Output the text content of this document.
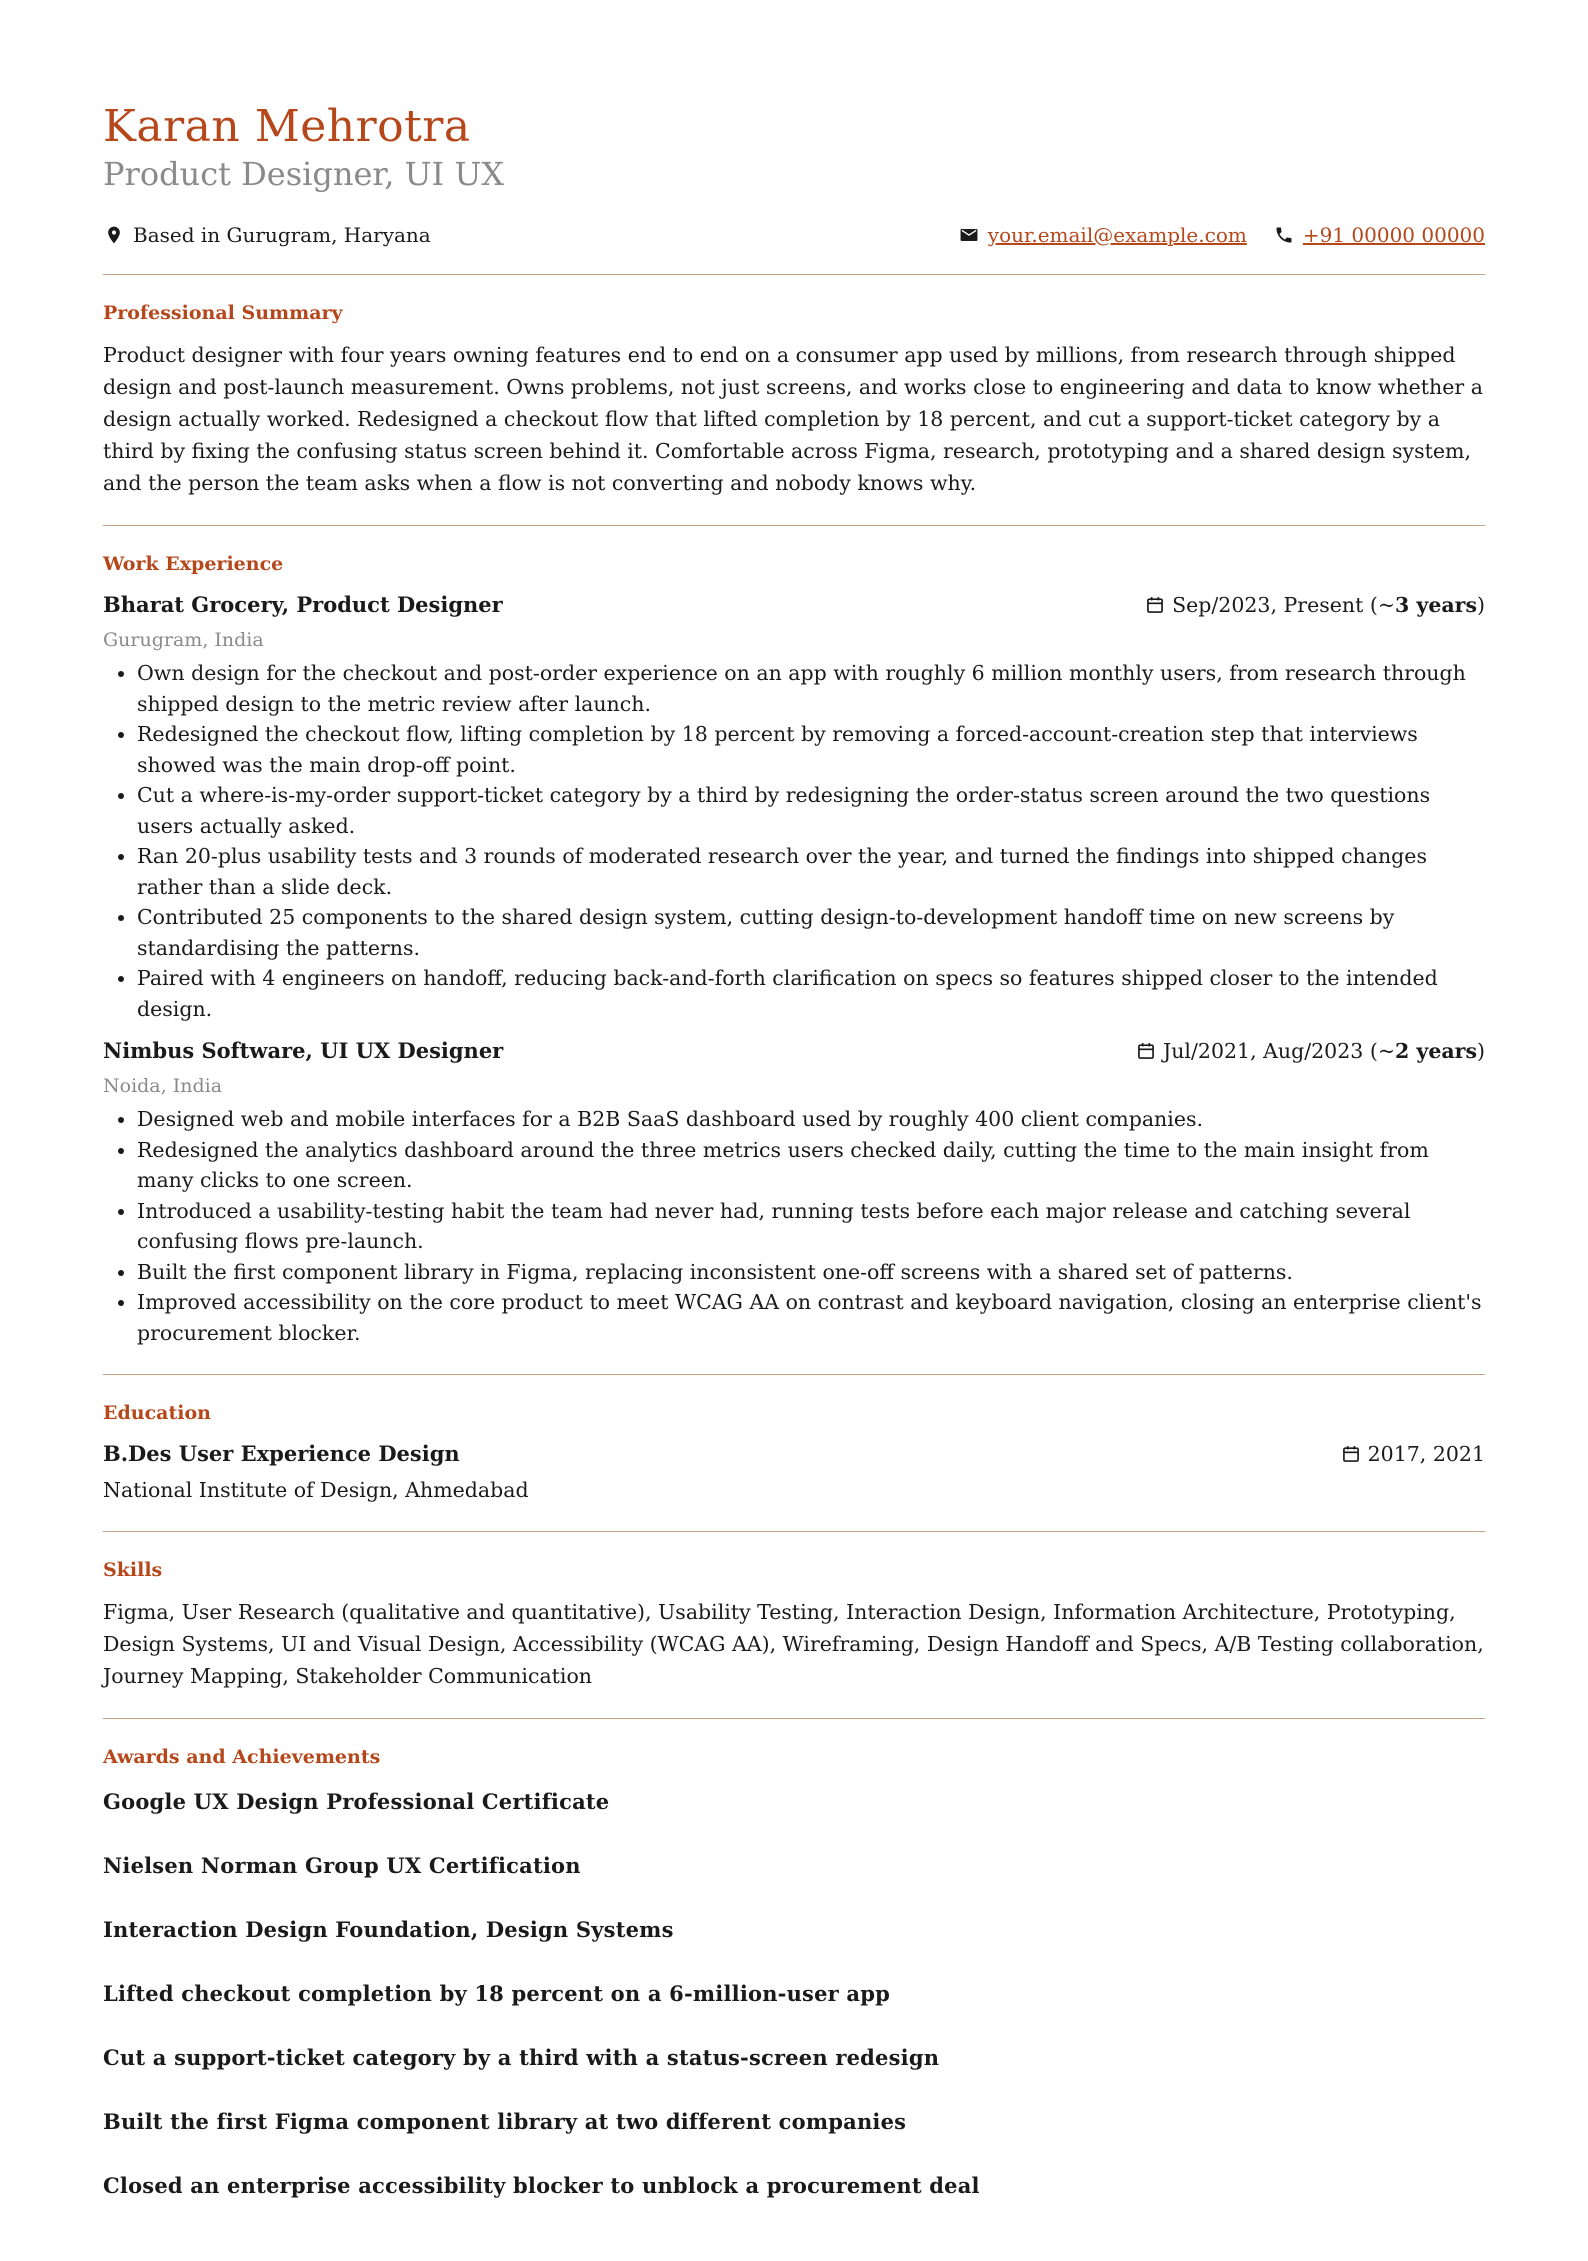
Karan Mehrotra
Product Designer, UI UX
Based in Gurugram, Haryana	your.email@example.com	+91 00000 00000
Professional Summary

Product designer with four years owning features end to end on a consumer app used by millions, from research through shipped design and post-launch measurement. Owns problems, not just screens, and works close to engineering and data to know whether a design actually worked. Redesigned a checkout flow that lifted completion by 18 percent, and cut a support-ticket category by a third by fixing the confusing status screen behind it. Comfortable across Figma, research, prototyping and a shared design system, and the person the team asks when a flow is not converting and nobody knows why.

Work Experience
Bharat Grocery, Product Designer	Sep/2023, Present (~ 3 years )
Gurugram, India
• Own design for the checkout and post-order experience on an app with roughly 6 million monthly users, from research through shipped design to the metric review after launch.
• Redesigned the checkout flow, lifting completion by 18 percent by removing a forced-account-creation step that interviews showed was the main drop-off point.
• Cut a where-is-my-order support-ticket category by a third by redesigning the order-status screen around the two questions users actually asked.
• Ran 20-plus usability tests and 3 rounds of moderated research over the year, and turned the findings into shipped changes rather than a slide deck.
• Contributed 25 components to the shared design system, cutting design-to-development handoff time on new screens by standardising the patterns.
• Paired with 4 engineers on handoff, reducing back-and-forth clarification on specs so features shipped closer to the intended design.
Nimbus Software, UI UX Designer	Jul/2021, Aug/2023 (~ 2 years )
Noida, India
• Designed web and mobile interfaces for a B2B SaaS dashboard used by roughly 400 client companies.
• Redesigned the analytics dashboard around the three metrics users checked daily, cutting the time to the main insight from many clicks to one screen.
• Introduced a usability-testing habit the team had never had, running tests before each major release and catching several confusing flows pre-launch.
• Built the first component library in Figma, replacing inconsistent one-off screens with a shared set of patterns.
• Improved accessibility on the core product to meet WCAG AA on contrast and keyboard navigation, closing an enterprise client's procurement blocker.
Education
B.Des User Experience Design	2017, 2021
National Institute of Design, Ahmedabad
Skills

Figma, User Research (qualitative and quantitative), Usability Testing, Interaction Design, Information Architecture, Prototyping, Design Systems, UI and Visual Design, Accessibility (WCAG AA), Wireframing, Design Handoff and Specs, A/B Testing collaboration, Journey Mapping, Stakeholder Communication

Awards and Achievements
Google UX Design Professional Certificate
Nielsen Norman Group UX Certification
Interaction Design Foundation, Design Systems
Lifted checkout completion by 18 percent on a 6-million-user app
Cut a support-ticket category by a third with a status-screen redesign
Built the first Figma component library at two different companies
Closed an enterprise accessibility blocker to unblock a procurement deal
